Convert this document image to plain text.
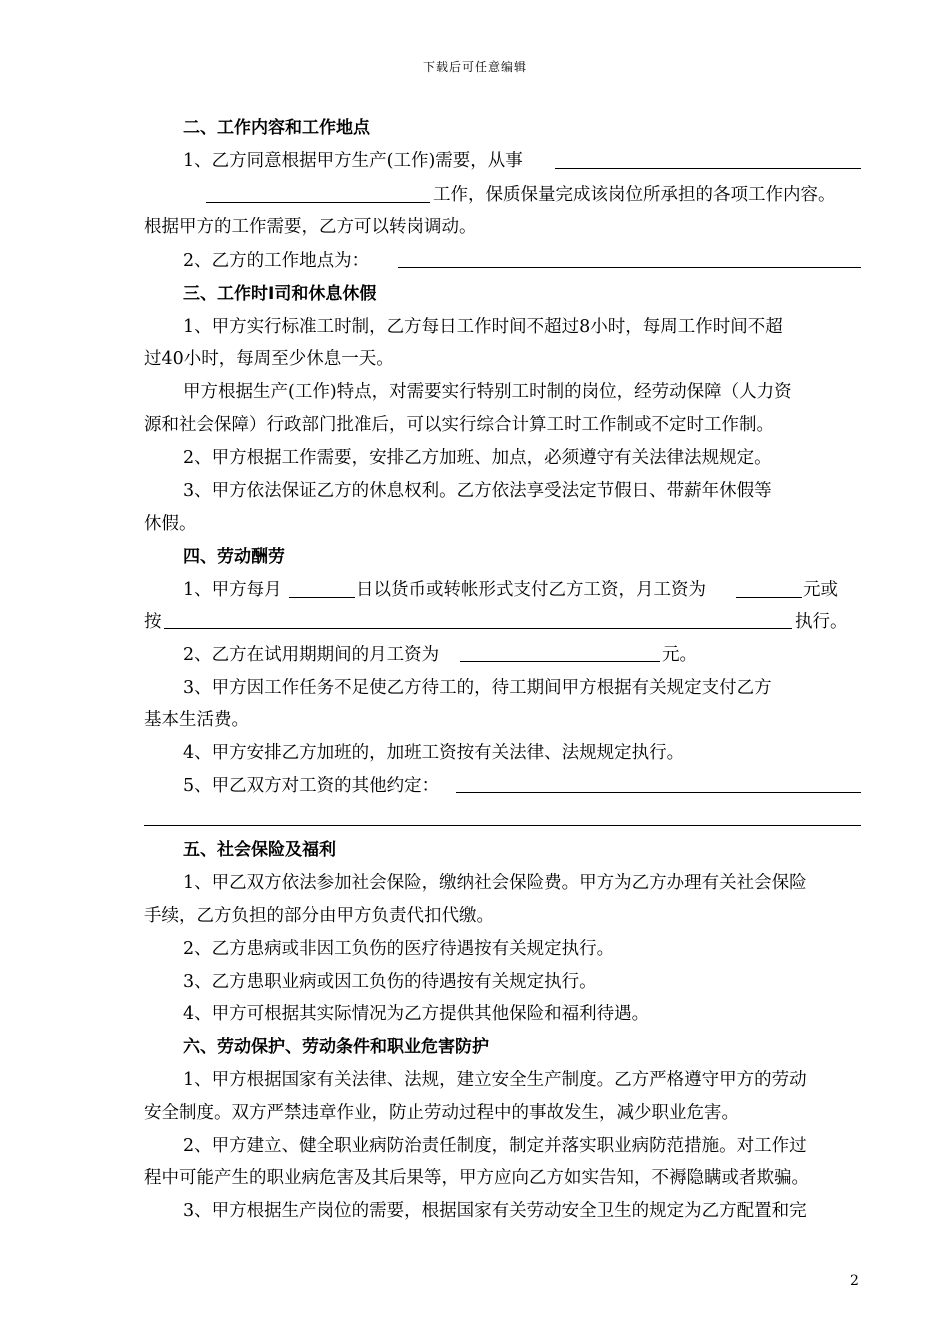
下载后可任意编辑
二、工作内容和工作地点
1、乙方同意根据甲方生产(工作)需要，从事
工作，保质保量完成该岗位所承担的各项工作内容。
根据甲方的工作需要，乙方可以转岗调动。
2、乙方的工作地点为：
三、工作时I司和休息休假
1、甲方实行标准工时制，乙方每日工作时间不超过8小时，每周工作时间不超
过40小时，每周至少休息一天。
甲方根据生产(工作)特点，对需要实行特别工时制的岗位，经劳动保障（人力资
源和社会保障）行政部门批准后，可以实行综合计算工时工作制或不定时工作制。
2、甲方根据工作需要，安排乙方加班、加点，必须遵守有关法律法规规定。
3、甲方依法保证乙方的休息权利。乙方依法享受法定节假日、带薪年休假等
休假。
四、劳动酬劳
1、甲方每月	日以货币或转帐形式支付乙方工资，月工资为	元或
按	执行。
2、乙方在试用期期间的月工资为	元。
3、甲方因工作任务不足使乙方待工的，待工期间甲方根据有关规定支付乙方
基本生活费。
4、甲方安排乙方加班的，加班工资按有关法律、法规规定执行。
5、甲乙双方对工资的其他约定：
五、社会保险及福利
1、甲乙双方依法参加社会保险，缴纳社会保险费。甲方为乙方办理有关社会保险
手续，乙方负担的部分由甲方负责代扣代缴。
2、乙方患病或非因工负伤的医疗待遇按有关规定执行。
3、乙方患职业病或因工负伤的待遇按有关规定执行。
4、甲方可根据其实际情况为乙方提供其他保险和福利待遇。
六、劳动保护、劳动条件和职业危害防护
1、甲方根据国家有关法律、法规，建立安全生产制度。乙方严格遵守甲方的劳动
安全制度。双方严禁违章作业，防止劳动过程中的事故发生，减少职业危害。
2、甲方建立、健全职业病防治责任制度，制定并落实职业病防范措施。对工作过
程中可能产生的职业病危害及其后果等，甲方应向乙方如实告知，不褥隐瞒或者欺骗。
3、甲方根据生产岗位的需要，根据国家有关劳动安全卫生的规定为乙方配置和完
2
